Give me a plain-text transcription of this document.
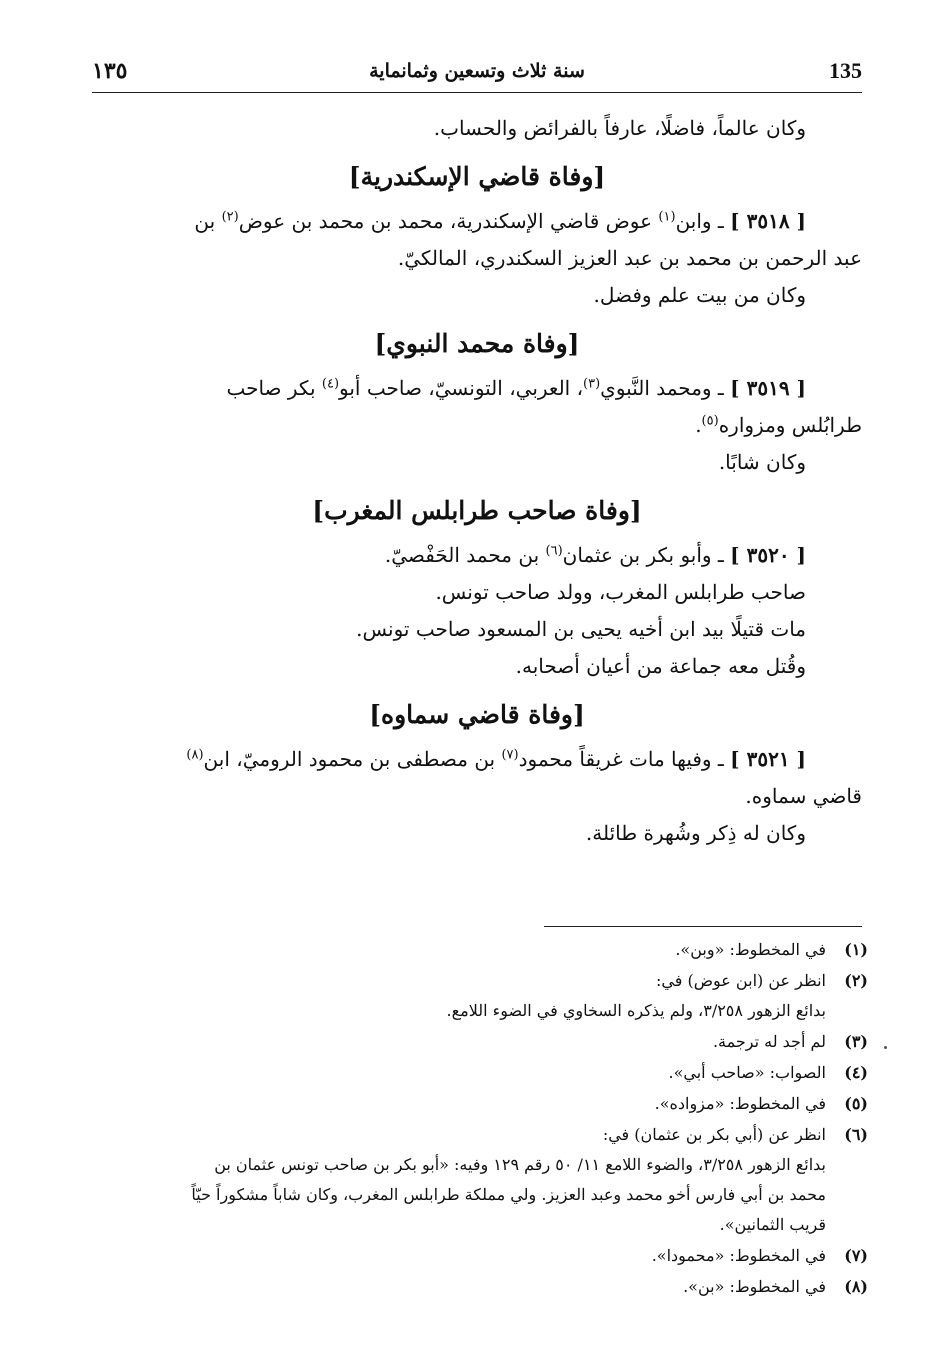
١٣٥	سنة ثلاث وتسعين وثمانماية	135

وكان عالماً، فاضلًا، عارفاً بالفرائض والحساب.

[وفاة قاضي الإسكندرية]

[ ٣٥١٨ ] ـ وابن$^{(١)}$ عوض قاضي الإسكندرية، محمد بن محمد بن عوض$^{(٢)}$ بن

عبد الرحمن بن محمد بن عبد العزيز السكندري، المالكيّ.

وكان من بيت علم وفضل.

[وفاة محمد النبوي]

[ ٣٥١٩ ] ـ ومحمد النَّبوي$^{(٣)}$، العربي، التونسيّ، صاحب أبو$^{(٤)}$ بكر صاحب

طرابُلس ومزواره$^{(٥)}$.

وكان شابًا.

[وفاة صاحب طرابلس المغرب]

[ ٣٥٢٠ ] ـ وأبو بكر بن عثمان$^{(٦)}$ بن محمد الحَفْصيّ.

صاحب طرابلس المغرب، وولد صاحب تونس.

مات قتيلًا بيد ابن أخيه يحيى بن المسعود صاحب تونس.

وقُتل معه جماعة من أعيان أصحابه.

[وفاة قاضي سماوه]

[ ٣٥٢١ ] ـ وفيها مات غريقاً محمود$^{(٧)}$ بن مصطفى بن محمود الروميّ، ابن$^{(٨)}$

قاضي سماوه.

وكان له ذِكر وشُهرة طائلة.

(١)في المخطوط: «وبن».

(٢)انظر عن (ابن عوض) في:

بدائع الزهور ٣/٢٥٨، ولم يذكره السخاوي في الضوء اللامع.

(٣)لم أجد له ترجمة.

(٤)الصواب: «صاحب أبي».

(٥)في المخطوط: «مزواده».

(٦)انظر عن (أبي بكر بن عثمان) في:

بدائع الزهور ٣/٢٥٨، والضوء اللامع ١١/ ٥٠ رقم ١٢٩ وفيه: «أبو بكر بن صاحب تونس عثمان بن

محمد بن أبي فارس أخو محمد وعبد العزيز. ولي مملكة طرابلس المغرب، وكان شاباً مشكوراً حيّاً

قريب الثمانين».

(٧)في المخطوط: «محمودا».

(٨)في المخطوط: «بن».
